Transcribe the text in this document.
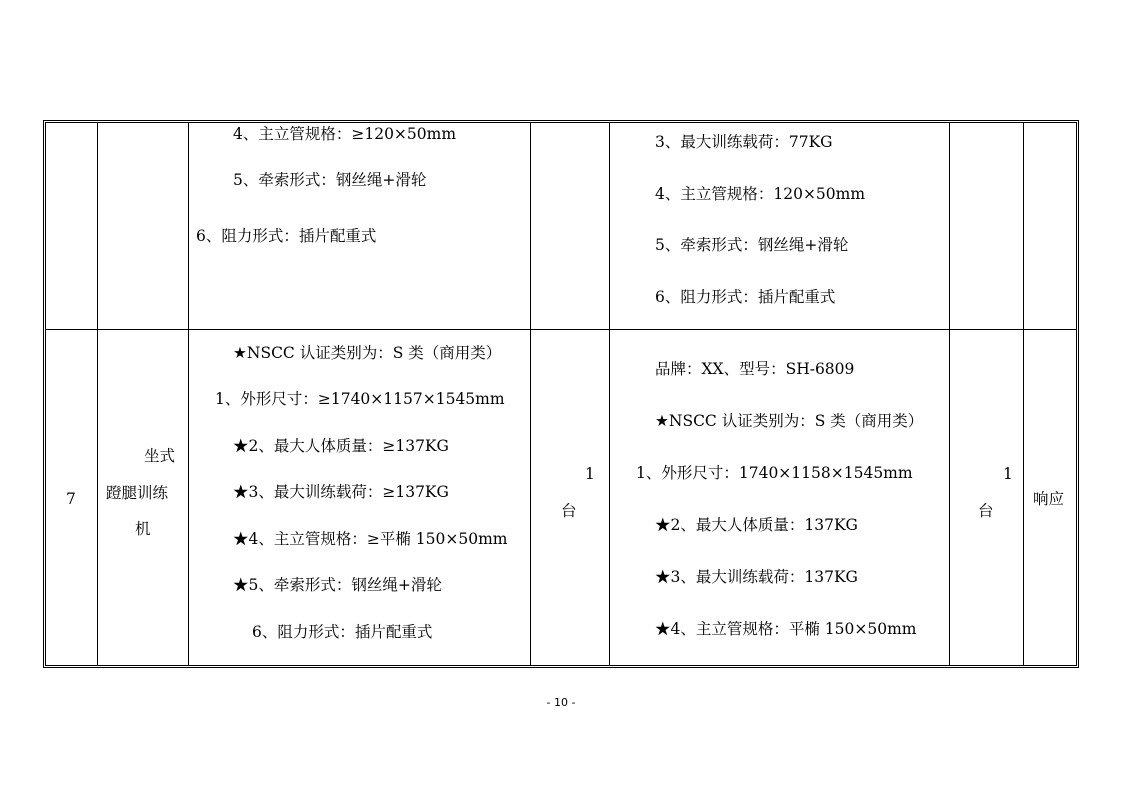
4、主立管规格：≥120×50mm
5、牵索形式：钢丝绳+滑轮
6、阻力形式：插片配重式
3、最大训练载荷：77KG
4、主立管规格：120×50mm
5、牵索形式：钢丝绳+滑轮
6、阻力形式：插片配重式
7
坐式
蹬腿训练
机
★NSCC 认证类别为：S 类（商用类）
1、外形尺寸：≥1740×1157×1545mm
★2、最大人体质量：≥137KG
★3、最大训练载荷：≥137KG
★4、主立管规格：≥平椭 150×50mm
★5、牵索形式：钢丝绳+滑轮
6、阻力形式：插片配重式
1
台
品牌：XX、型号：SH-6809
★NSCC 认证类别为：S 类（商用类）
1、外形尺寸：1740×1158×1545mm
★2、最大人体质量：137KG
★3、最大训练载荷：137KG
★4、主立管规格：平椭 150×50mm
1
台
响应
- 10 -
